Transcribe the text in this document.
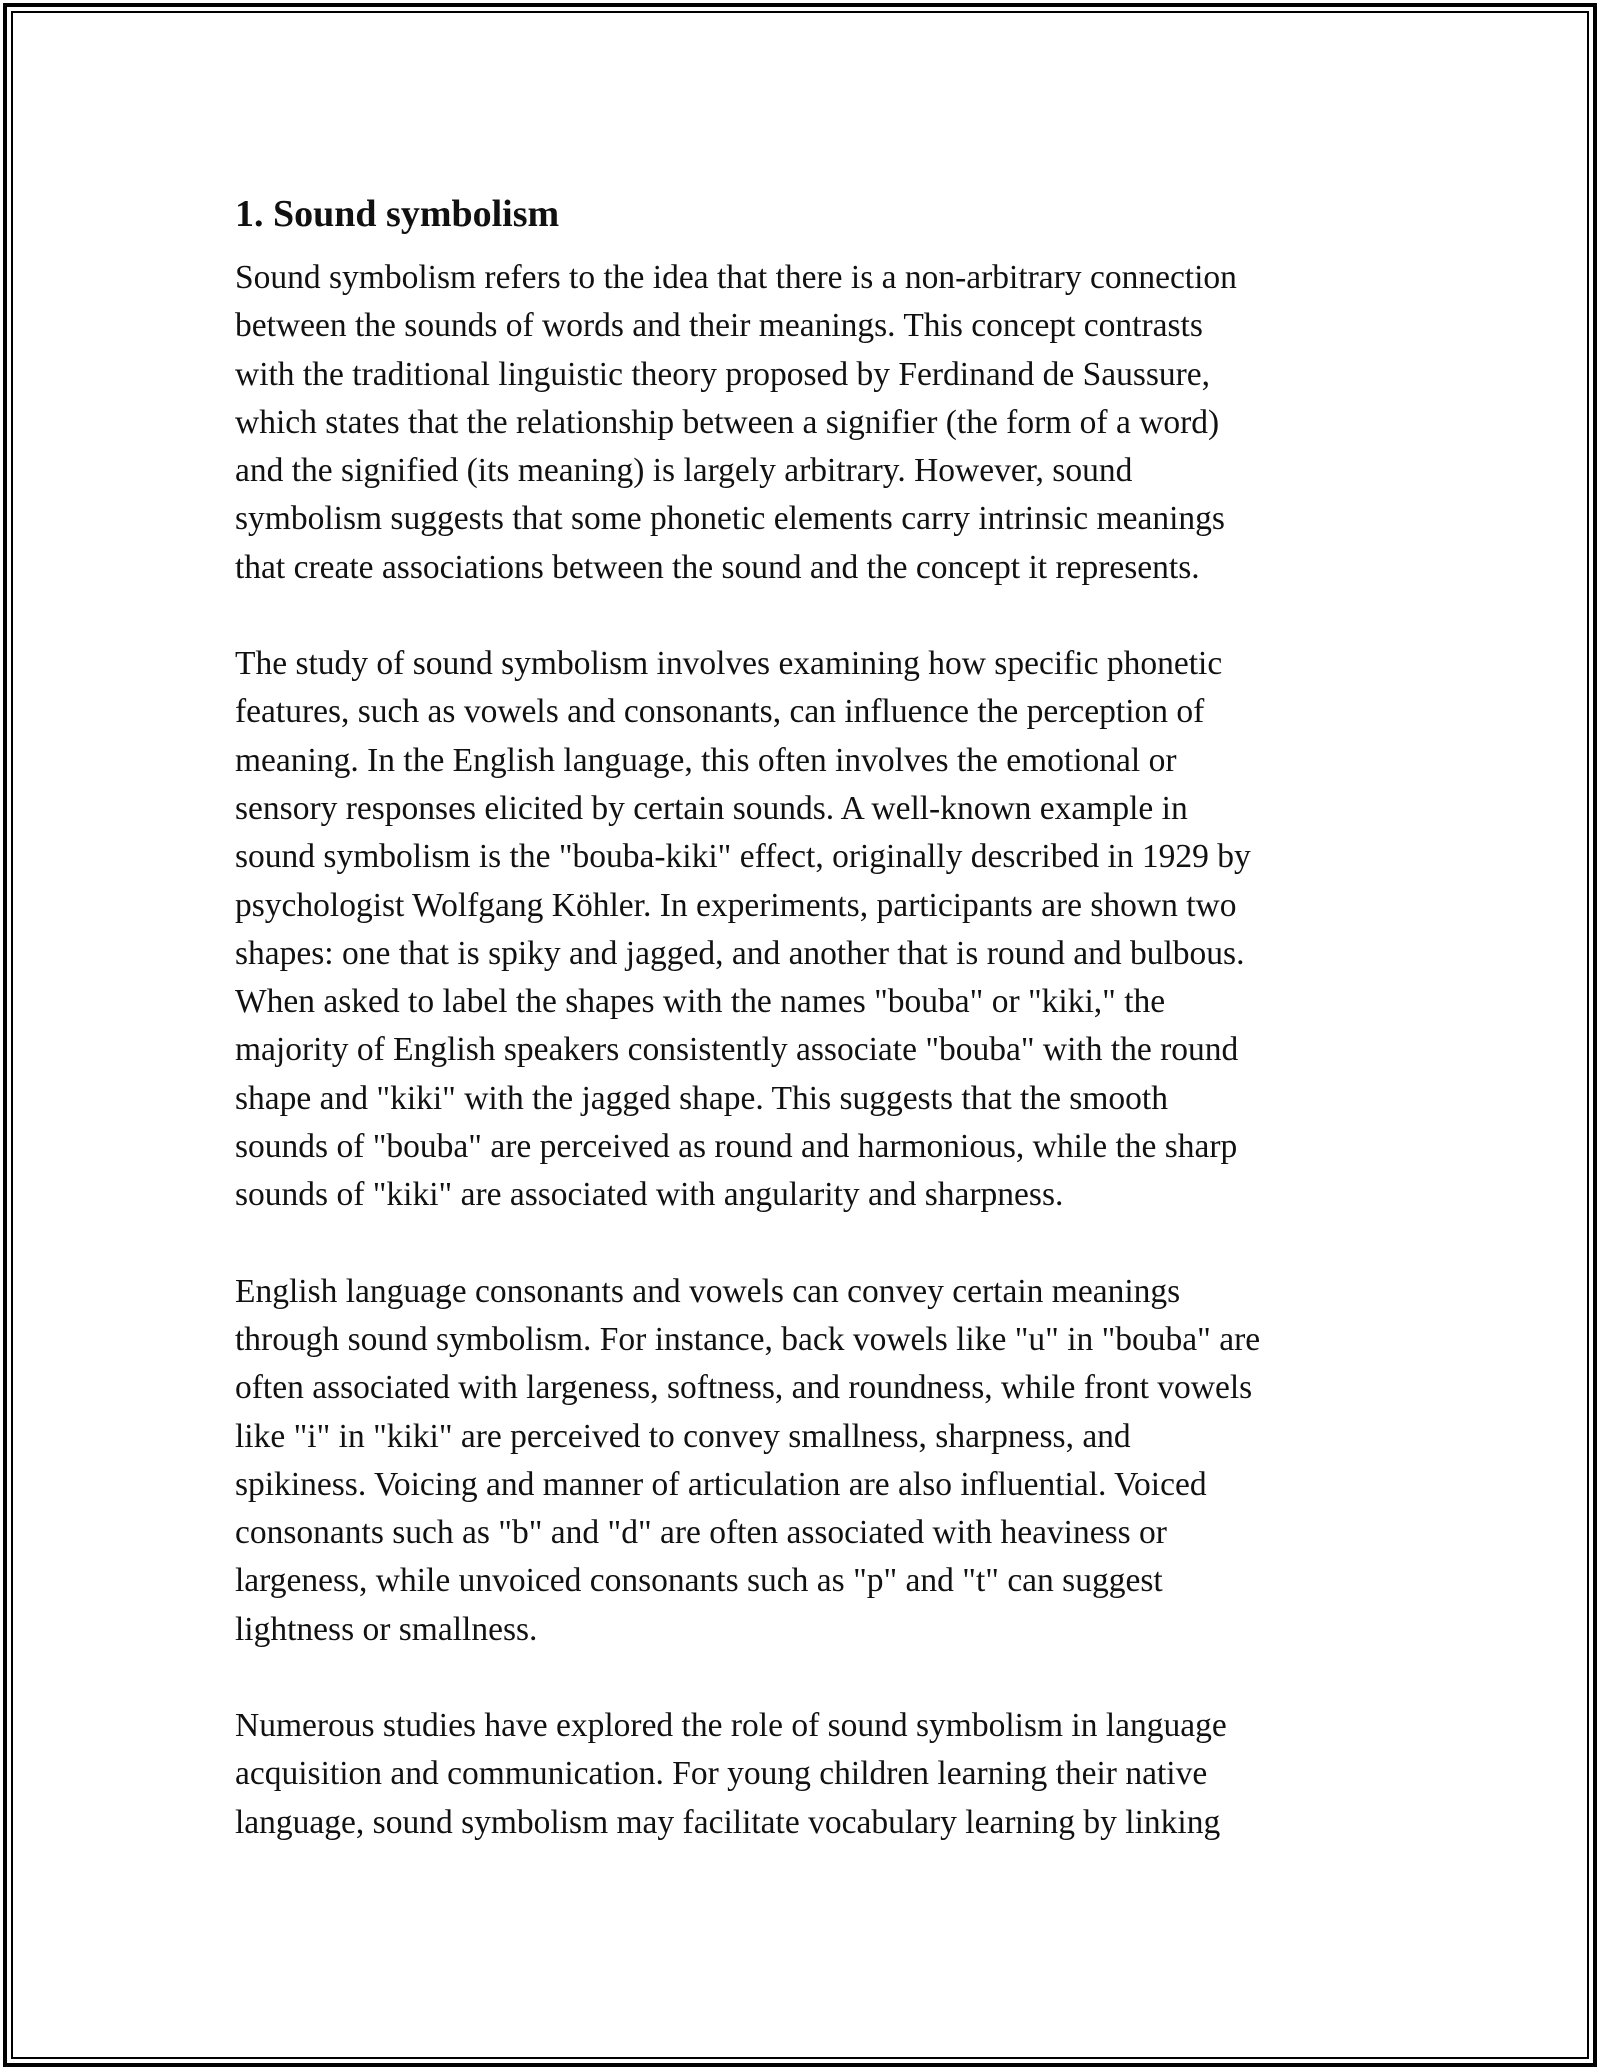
1. Sound symbolism

Sound symbolism refers to the idea that there is a non-arbitrary connection
between the sounds of words and their meanings. This concept contrasts
with the traditional linguistic theory proposed by Ferdinand de Saussure,
which states that the relationship between a signifier (the form of a word)
and the signified (its meaning) is largely arbitrary. However, sound
symbolism suggests that some phonetic elements carry intrinsic meanings
that create associations between the sound and the concept it represents.

The study of sound symbolism involves examining how specific phonetic
features, such as vowels and consonants, can influence the perception of
meaning. In the English language, this often involves the emotional or
sensory responses elicited by certain sounds. A well-known example in
sound symbolism is the "bouba-kiki" effect, originally described in 1929 by
psychologist Wolfgang Köhler. In experiments, participants are shown two
shapes: one that is spiky and jagged, and another that is round and bulbous.
When asked to label the shapes with the names "bouba" or "kiki," the
majority of English speakers consistently associate "bouba" with the round
shape and "kiki" with the jagged shape. This suggests that the smooth
sounds of "bouba" are perceived as round and harmonious, while the sharp
sounds of "kiki" are associated with angularity and sharpness.

English language consonants and vowels can convey certain meanings
through sound symbolism. For instance, back vowels like "u" in "bouba" are
often associated with largeness, softness, and roundness, while front vowels
like "i" in "kiki" are perceived to convey smallness, sharpness, and
spikiness. Voicing and manner of articulation are also influential. Voiced
consonants such as "b" and "d" are often associated with heaviness or
largeness, while unvoiced consonants such as "p" and "t" can suggest
lightness or smallness.

Numerous studies have explored the role of sound symbolism in language
acquisition and communication. For young children learning their native
language, sound symbolism may facilitate vocabulary learning by linking
